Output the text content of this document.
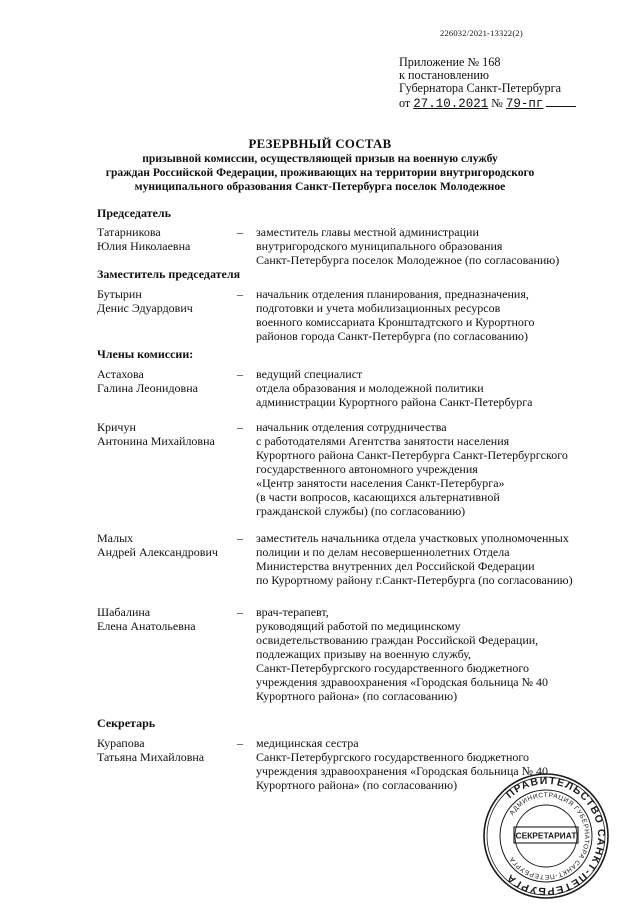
226032/2021-13322(2)
Приложение № 168
к постановлению
Губернатора Санкт-Петербурга
от 27.10.2021 № 79-пг
РЕЗЕРВНЫЙ СОСТАВ
призывной комиссии, осуществляющей призыв на военную службу
граждан Российской Федерации, проживающих на территории внутригородского
муниципального образования Санкт-Петербурга поселок Молодежное
Председатель
Татарникова
Юлия Николаевна
– заместитель главы местной администрации
внутригородского муниципального образования
Санкт-Петербурга поселок Молодежное (по согласованию)
Заместитель председателя
Бутырин
Денис Эдуардович
– начальник отделения планирования, предназначения,
подготовки и учета мобилизационных ресурсов
военного комиссариата Кронштадтского и Курортного
районов города Санкт-Петербурга (по согласованию)
Члены комиссии:
Астахова
Галина Леонидовна
– ведущий специалист
отдела образования и молодежной политики
администрации Курортного района Санкт-Петербурга
Кричун
Антонина Михайловна
– начальник отделения сотрудничества
с работодателями Агентства занятости населения
Курортного района Санкт-Петербурга Санкт-Петербургского
государственного автономного учреждения
«Центр занятости населения Санкт-Петербурга»
(в части вопросов, касающихся альтернативной
гражданской службы) (по согласованию)
Малых
Андрей Александрович
– заместитель начальника отдела участковых уполномоченных
полиции и по делам несовершеннолетних Отдела
Министерства внутренних дел Российской Федерации
по Курортному району г.Санкт-Петербурга (по согласованию)
Шабалина
Елена Анатольевна
– врач-терапевт,
руководящий работой по медицинскому
освидетельствованию граждан Российской Федерации,
подлежащих призыву на военную службу,
Санкт-Петербургского государственного бюджетного
учреждения здравоохранения «Городская больница № 40
Курортного района» (по согласованию)
Секретарь
Курапова
Татьяна Михайловна
– медицинская сестра
Санкт-Петербургского государственного бюджетного
учреждения здравоохранения «Городская больница № 40
Курортного района» (по согласованию)
ПРАВИТЕЛЬСТВО САНКТ-ПЕТЕРБУРГА
АДМИНИСТРАЦИЯ ГУБЕРНАТОРА САНКТ-ПЕТЕРБУРГА
СЕКРЕТАРИАТ
